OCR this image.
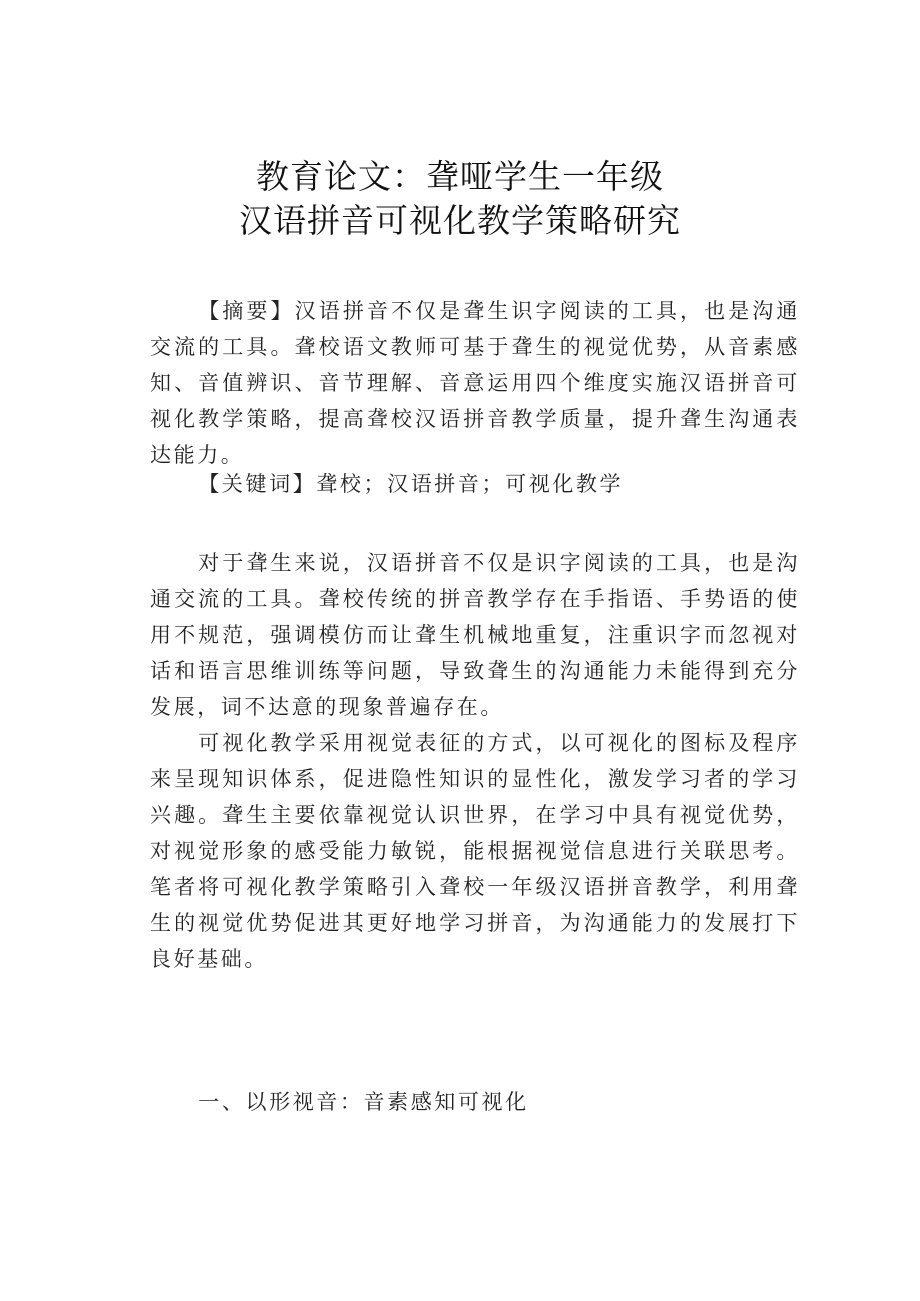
教育论文：聋哑学生一年级
汉语拼音可视化教学策略研究

【摘要】汉语拼音不仅是聋生识字阅读的工具，也是沟通交流的工具。聋校语文教师可基于聋生的视觉优势，从音素感知、音值辨识、音节理解、音意运用四个维度实施汉语拼音可视化教学策略，提高聋校汉语拼音教学质量，提升聋生沟通表达能力。

【关键词】聋校；汉语拼音；可视化教学

对于聋生来说，汉语拼音不仅是识字阅读的工具，也是沟通交流的工具。聋校传统的拼音教学存在手指语、手势语的使用不规范，强调模仿而让聋生机械地重复，注重识字而忽视对话和语言思维训练等问题，导致聋生的沟通能力未能得到充分发展，词不达意的现象普遍存在。

可视化教学采用视觉表征的方式，以可视化的图标及程序来呈现知识体系，促进隐性知识的显性化，激发学习者的学习兴趣。聋生主要依靠视觉认识世界，在学习中具有视觉优势，对视觉形象的感受能力敏锐，能根据视觉信息进行关联思考。笔者将可视化教学策略引入聋校一年级汉语拼音教学，利用聋生的视觉优势促进其更好地学习拼音，为沟通能力的发展打下良好基础。

一、以形视音：音素感知可视化
